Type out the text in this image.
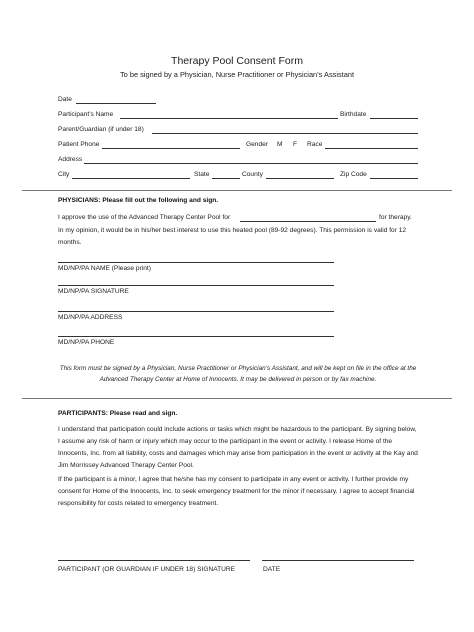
Therapy Pool Consent Form
To be signed by a Physician, Nurse Practitioner or Physician’s Assistant
Date
Participant’s Name	Birthdate
Parent/Guardian (if under 18)
Patient Phone	Gender M F Race
Address
City	State	County	Zip Code
PHYSICIANS: Please fill out the following and sign.
I approve the use of the Advanced Therapy Center Pool for	for therapy.
In my opinion, it would be in his/her best interest to use this heated pool (89-92 degrees). This permission is valid for 12 months.
MD/NP/PA NAME (Please print)
MD/NP/PA SIGNATURE
MD/NP/PA ADDRESS
MD/NP/PA PHONE
This form must be signed by a Physician, Nurse Practitioner or Physician’s Assistant, and will be kept on file in the office at the Advanced Therapy Center at Home of Innocents. It may be delivered in person or by fax machine.
PARTICIPANTS: Please read and sign.
I understand that participation could include actions or tasks which might be hazardous to the participant. By signing below, I assume any risk of harm or injury which may occur to the participant in the event or activity. I release Home of the Innocents, Inc. from all liability, costs and damages which may arise from participation in the event or activity at the Kay and Jim Morrissey Advanced Therapy Center Pool.
If the participant is a minor, I agree that he/she has my consent to participate in any event or activity. I further provide my consent for Home of the Innocents, Inc. to seek emergency treatment for the minor if necessary. I agree to accept financial responsibility for costs related to emergency treatment.
PARTICIPANT (OR GUARDIAN IF UNDER 18) SIGNATURE	DATE
